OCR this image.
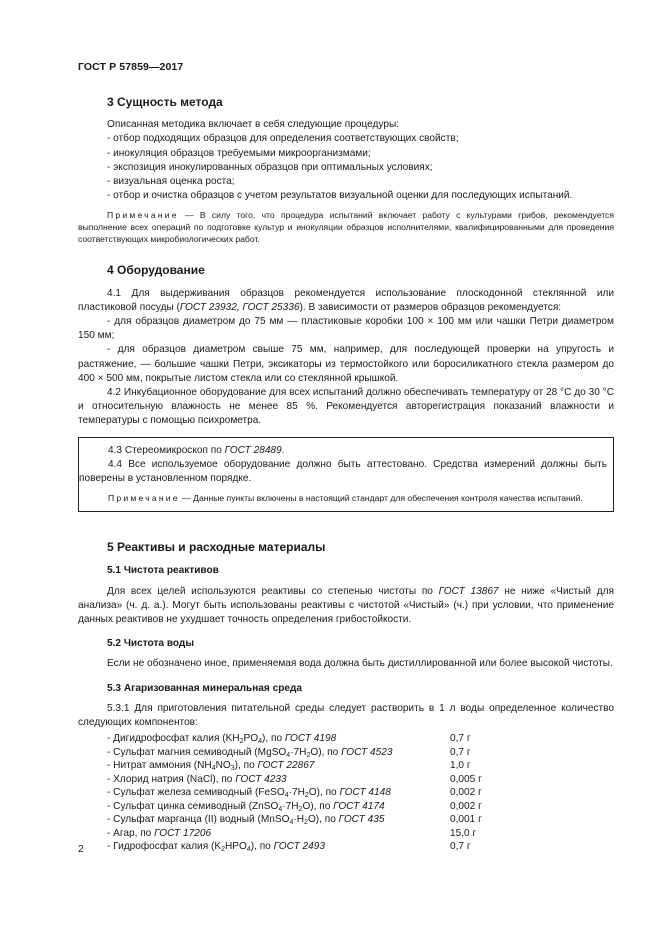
ГОСТ Р 57859—2017
3 Сущность метода

Описанная методика включает в себя следующие процедуры:

- отбор подходящих образцов для определения соответствующих свойств;

- инокуляция образцов требуемыми микроорганизмами;

- экспозиция инокулированных образцов при оптимальных условиях;

- визуальная оценка роста;

- отбор и очистка образцов с учетом результатов визуальной оценки для последующих испытаний.

Примечание — В силу того, что процедура испытаний включает работу с культурами грибов, рекомендуется выполнение всех операций по подготовке культур и инокуляции образцов исполнителями, квалифицированными для проведения соответствующих микробиологических работ.
4 Оборудование

4.1 Для выдерживания образцов рекомендуется использование плоскодонной стеклянной или пластиковой посуды (ГОСТ 23932, ГОСТ 25336). В зависимости от размеров образцов рекомендуется:

- для образцов диаметром до 75 мм — пластиковые коробки 100 × 100 мм или чашки Петри диаметром 150 мм;

- для образцов диаметром свыше 75 мм, например, для последующей проверки на упругость и растяжение, — большие чашки Петри, эксикаторы из термостойкого или боросиликатного стекла размером до 400 × 500 мм, покрытые листом стекла или со стеклянной крышкой.

4.2 Инкубационное оборудование для всех испытаний должно обеспечивать температуру от 28 °С до 30 °С и относительную влажность не менее 85 %. Рекомендуется авторегистрация показаний влажности и температуры с помощью психрометра.

4.3 Стереомикроскоп по ГОСТ 28489.

4.4 Все используемое оборудование должно быть аттестовано. Средства измерений должны быть поверены в установленном порядке.

Примечание — Данные пункты включены в настоящий стандарт для обеспечения контроля качества испытаний.
5 Реактивы и расходные материалы
5.1 Чистота реактивов

Для всех целей используются реактивы со степенью чистоты по ГОСТ 13867 не ниже «Чистый для анализа» (ч. д. а.). Могут быть использованы реактивы с чистотой «Чистый» (ч.) при условии, что применение данных реактивов не ухудшает точность определения грибостойкости.

5.2 Чистота воды

Если не обозначено иное, применяемая вода должна быть дистиллированной или более высокой чистоты.

5.3 Агаризованная минеральная среда

5.3.1 Для приготовления питательной среды следует растворить в 1 л воды определенное количество следующих компонентов:

- Дигидрофосфат калия $(KH_2PO_4)$, по ГОСТ 4198	0,7 г
- Сульфат магния семиводный $(MgSO_4\cdot 7H_2O)$, по ГОСТ 4523	0,7 г
- Нитрат аммония $(NH_4NO_3)$, по ГОСТ 22867	1,0 г
- Хлорид натрия (NaCl), по ГОСТ 4233	0,005 г
- Сульфат железа семиводный $(FeSO_4\cdot 7H_2O)$, по ГОСТ 4148	0,002 г
- Сульфат цинка семиводный $(ZnSO_4\cdot 7H_2O)$, по ГОСТ 4174	0,002 г
- Сульфат марганца (II) водный $(MnSO_4\cdot H_2O)$, по ГОСТ 435	0,001 г
- Агар, по ГОСТ 17206	15,0 г
- Гидрофосфат калия $(K_2HPO_4)$, по ГОСТ 2493	0,7 г
2
